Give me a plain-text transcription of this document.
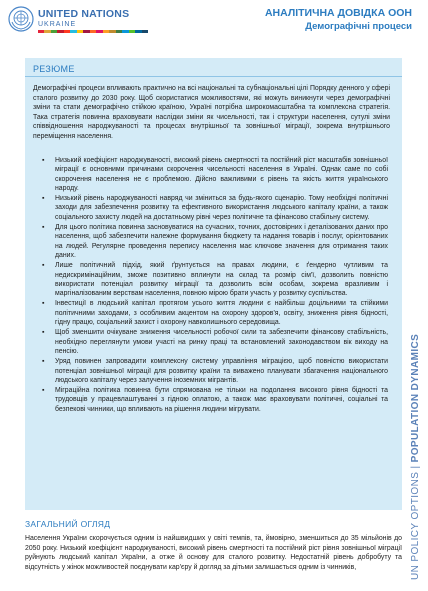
UNITED NATIONS
UKRAINE
АНАЛІТИЧНА ДОВІДКА ООН
Демографічні процеси
РЕЗЮМЕ
Демографічні процеси впливають практично на всі національні та субнаціональні цілі Порядку денного у сфері сталого розвитку до 2030 року. Щоб скористатися можливостями, які можуть виникнути через демографічні зміни та стати демографічно стійкою країною, Україні потрібна широкомасштабна та комплексна стратегія. Така стратегія повинна враховувати наслідки зміни як чисельності, так і структури населення, сутулі зміни співвідношення народжуваності та процесах внутрішньої та зовнішньої міграції, зокрема внутрішнього переміщення населення.
▪ Низький коефіцієнт народжуваності, високий рівень смертності та постійний ріст масштабів зовнішньої міграції є основними причинами скорочення чисельності населення в Україні. Однак саме по собі скорочення населення не є проблемою. Дійсно важливими є рівень та якість життя українського народу.
▪ Низький рівень народжуваності навряд чи зміниться за будь-якого сценарію. Тому необхідні політичні заходи для забезпечення розвитку та ефективного використання людського капіталу країни, а також соціального захисту людей на достатньому рівні через політичне та фінансово стабільну систему.
▪ Для цього політика повинна засновуватися на сучасних, точних, достовірних і деталізованих даних про населення, щоб забезпечити належне формування бюджету та надання товарів і послуг, орієнтованих на людей. Регулярне проведення перепису населення має ключове значення для отримання таких даних.
▪ Лише політичний підхід, який ґрунтується на правах людини, є ґендерно чутливим та недискримінаційним, зможе позитивно вплинути на склад та розмір сім'ї, дозволить повністю використати потенціал розвитку міграції та дозволить всім особам, зокрема вразливим і маргіналізованим верствам населення, повною мірою брати участь у розвитку суспільства.
▪ Інвестиції в людський капітал протягом усього життя людини є найбільш доцільними та стійкими політичними заходами, з особливим акцентом на охорону здоров'я, освіту, зниження рівня бідності, гідну працю, соціальний захист і охорону навколишнього середовища.
▪ Щоб зменшити очікуване зниження чисельності робочої сили та забезпечити фінансову стабільність, необхідно переглянути умови участі на ринку праці та встановлений законодавством вік виходу на пенсію.
▪ Уряд повинен запровадити комплексну систему управління міграцією, щоб повністю використати потенціал зовнішньої міграції для розвитку країни та виважено планувати збагачення національного людського капіталу через залучення іноземних мігрантів.
▪ Міграційна політика повинна бути спрямована не тільки на подолання високого рівня бідності та трудовщів у працевлаштуванні з гідною оплатою, а також має враховувати політичні, соціальні та безпекові чинники, що впливають на рішення людини мігрувати.
ЗАГАЛЬНИЙ ОГЛЯД
Населення України скорочується одним із найшвидших у світі темпів, та, ймовірно, зменшиться до 35 мільйонів до 2050 року. Низький коефіцієнт народжуваності, високий рівень смертності та постійний ріст рівня зовнішньої міграції руйнують людський капітал України, а отже й основу для сталого розвитку. Недостатній рівень добробуту та відсутність у жінок можливостей поєднувати кар'єру й догляд за дітьми залишається одним із чинників,	UN POLICY OPTIONS | POPULATION DYNAMICS
